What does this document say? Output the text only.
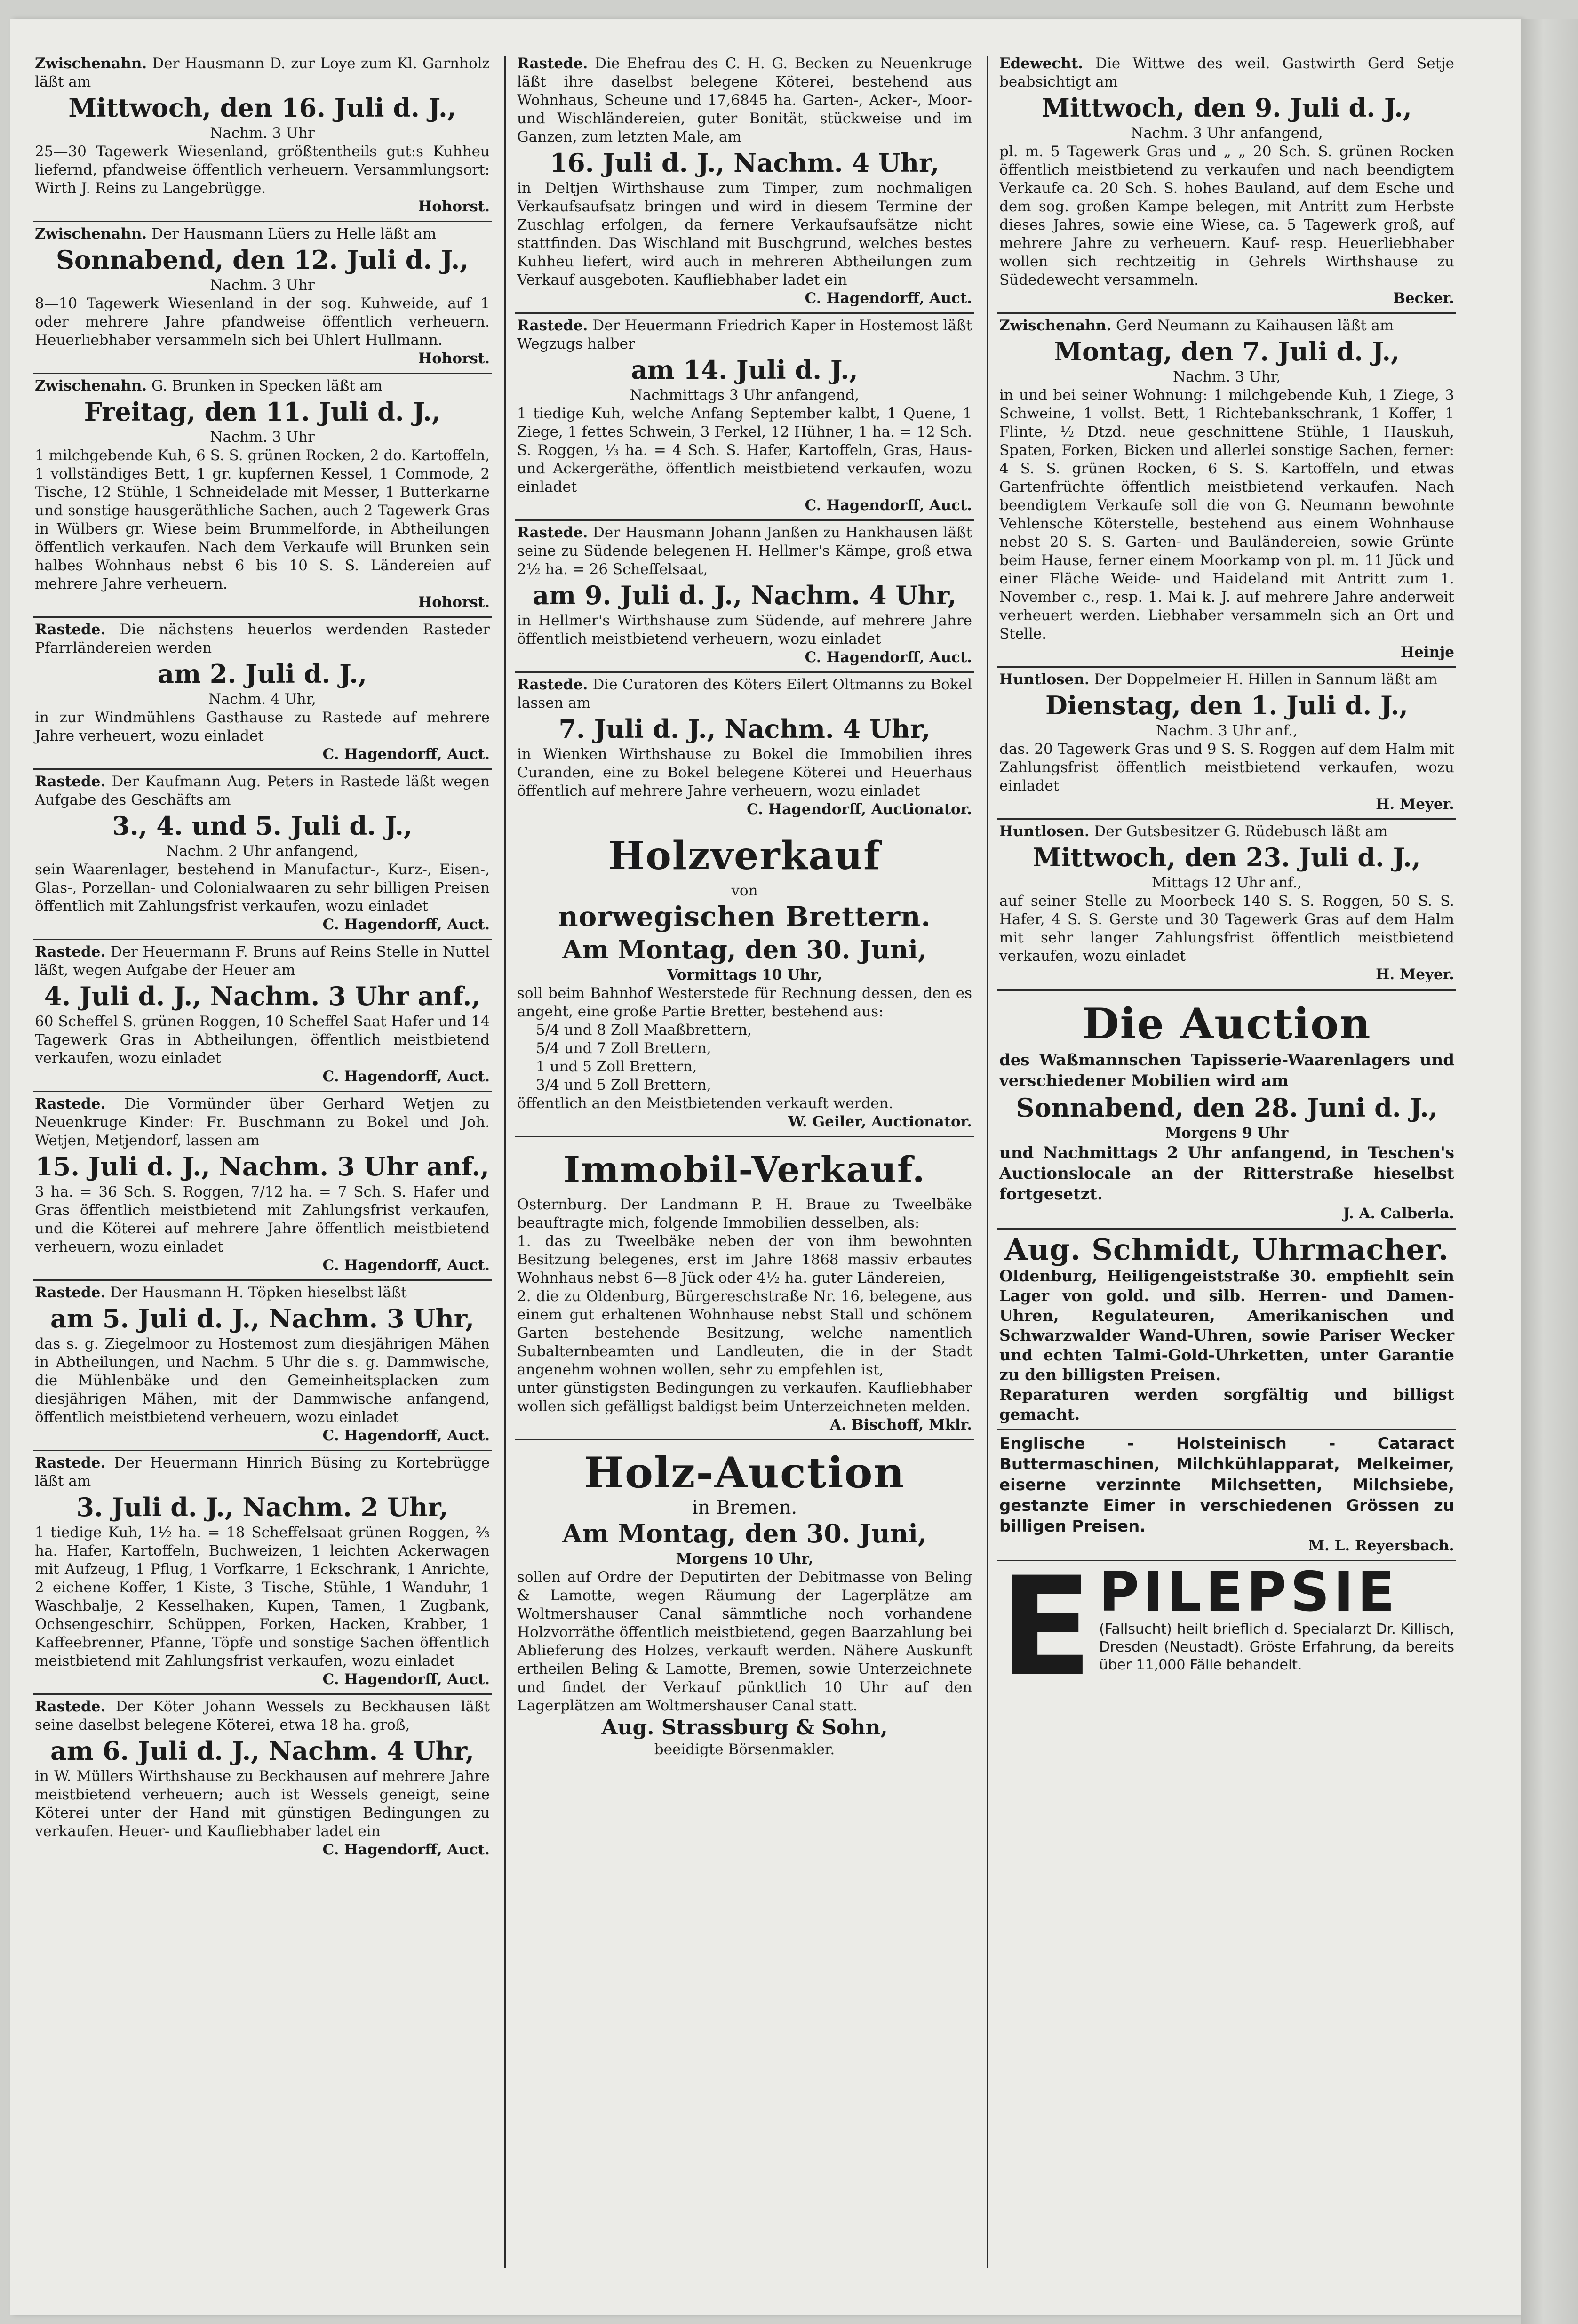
Zwischenahn. Der Hausmann D. zur Loye zum Kl. Garnholz läßt am

Mittwoch, den 16. Juli d. J.,

Nachm. 3 Uhr

25—30 Tagewerk Wiesenland, größtentheils gut:s Kuhheu liefernd, pfandweise öffentlich verheuern. Versammlungsort: Wirth J. Reins zu Langebrügge.

Hohorst.

Zwischenahn. Der Hausmann Lüers zu Helle läßt am

Sonnabend, den 12. Juli d. J.,

Nachm. 3 Uhr

8—10 Tagewerk Wiesenland in der sog. Kuhweide, auf 1 oder mehrere Jahre pfandweise öffentlich verheuern. Heuerliebhaber versammeln sich bei Uhlert Hullmann.

Hohorst.

Zwischenahn. G. Brunken in Specken läßt am

Freitag, den 11. Juli d. J.,

Nachm. 3 Uhr

1 milchgebende Kuh, 6 S. S. grünen Rocken, 2 do. Kartoffeln, 1 vollständiges Bett, 1 gr. kupfernen Kessel, 1 Commode, 2 Tische, 12 Stühle, 1 Schneidelade mit Messer, 1 Butterkarne und sonstige hausgeräthliche Sachen, auch 2 Tagewerk Gras in Wülbers gr. Wiese beim Brummelforde, in Abtheilungen öffentlich verkaufen. Nach dem Verkaufe will Brunken sein halbes Wohnhaus nebst 6 bis 10 S. S. Ländereien auf mehrere Jahre verheuern.

Hohorst.

Rastede. Die nächstens heuerlos werdenden Rasteder Pfarrländereien werden

am 2. Juli d. J.,

Nachm. 4 Uhr,

in zur Windmühlens Gasthause zu Rastede auf mehrere Jahre verheuert, wozu einladet

C. Hagendorff, Auct.

Rastede. Der Kaufmann Aug. Peters in Rastede läßt wegen Aufgabe des Geschäfts am

3., 4. und 5. Juli d. J.,

Nachm. 2 Uhr anfangend,

sein Waarenlager, bestehend in Manufactur-, Kurz-, Eisen-, Glas-, Porzellan- und Colonialwaaren zu sehr billigen Preisen öffentlich mit Zahlungsfrist verkaufen, wozu einladet

C. Hagendorff, Auct.

Rastede. Der Heuermann F. Bruns auf Reins Stelle in Nuttel läßt, wegen Aufgabe der Heuer am

4. Juli d. J., Nachm. 3 Uhr anf.,

60 Scheffel S. grünen Roggen, 10 Scheffel Saat Hafer und 14 Tagewerk Gras in Abtheilungen, öffentlich meistbietend verkaufen, wozu einladet

C. Hagendorff, Auct.

Rastede. Die Vormünder über Gerhard Wetjen zu Neuenkruge Kinder: Fr. Buschmann zu Bokel und Joh. Wetjen, Metjendorf, lassen am

15. Juli d. J., Nachm. 3 Uhr anf.,

3 ha. = 36 Sch. S. Roggen, 7/12 ha. = 7 Sch. S. Hafer und Gras öffentlich meistbietend mit Zahlungsfrist verkaufen, und die Köterei auf mehrere Jahre öffentlich meistbietend verheuern, wozu einladet

C. Hagendorff, Auct.

Rastede. Der Hausmann H. Töpken hieselbst läßt

am 5. Juli d. J., Nachm. 3 Uhr,

das s. g. Ziegelmoor zu Hostemost zum diesjährigen Mähen in Abtheilungen, und Nachm. 5 Uhr die s. g. Dammwische, die Mühlenbäke und den Gemeinheitsplacken zum diesjährigen Mähen, mit der Dammwische anfangend, öffentlich meistbietend verheuern, wozu einladet

C. Hagendorff, Auct.

Rastede. Der Heuermann Hinrich Büsing zu Kortebrügge läßt am

3. Juli d. J., Nachm. 2 Uhr,

1 tiedige Kuh, 1½ ha. = 18 Scheffelsaat grünen Roggen, ⅔ ha. Hafer, Kartoffeln, Buchweizen, 1 leichten Ackerwagen mit Aufzeug, 1 Pflug, 1 Vorfkarre, 1 Eckschrank, 1 Anrichte, 2 eichene Koffer, 1 Kiste, 3 Tische, Stühle, 1 Wanduhr, 1 Waschbalje, 2 Kesselhaken, Kupen, Tamen, 1 Zugbank, Ochsengeschirr, Schüppen, Forken, Hacken, Krabber, 1 Kaffeebrenner, Pfanne, Töpfe und sonstige Sachen öffentlich meistbietend mit Zahlungsfrist verkaufen, wozu einladet

C. Hagendorff, Auct.

Rastede. Der Köter Johann Wessels zu Beckhausen läßt seine daselbst belegene Köterei, etwa 18 ha. groß,

am 6. Juli d. J., Nachm. 4 Uhr,

in W. Müllers Wirthshause zu Beckhausen auf mehrere Jahre meistbietend verheuern; auch ist Wessels geneigt, seine Köterei unter der Hand mit günstigen Bedingungen zu verkaufen. Heuer- und Kaufliebhaber ladet ein

C. Hagendorff, Auct.

Rastede. Die Ehefrau des C. H. G. Becken zu Neuenkruge läßt ihre daselbst belegene Köterei, bestehend aus Wohnhaus, Scheune und 17,6845 ha. Garten-, Acker-, Moor- und Wischländereien, guter Bonität, stückweise und im Ganzen, zum letzten Male, am

16. Juli d. J., Nachm. 4 Uhr,

in Deltjen Wirthshause zum Timper, zum nochmaligen Verkaufsaufsatz bringen und wird in diesem Termine der Zuschlag erfolgen, da fernere Verkaufsaufsätze nicht stattfinden. Das Wischland mit Buschgrund, welches bestes Kuhheu liefert, wird auch in mehreren Abtheilungen zum Verkauf ausgeboten. Kaufliebhaber ladet ein

C. Hagendorff, Auct.

Rastede. Der Heuermann Friedrich Kaper in Hostemost läßt Wegzugs halber

am 14. Juli d. J.,

Nachmittags 3 Uhr anfangend,

1 tiedige Kuh, welche Anfang September kalbt, 1 Quene, 1 Ziege, 1 fettes Schwein, 3 Ferkel, 12 Hühner, 1 ha. = 12 Sch. S. Roggen, ⅓ ha. = 4 Sch. S. Hafer, Kartoffeln, Gras, Haus- und Ackergeräthe, öffentlich meistbietend verkaufen, wozu einladet

C. Hagendorff, Auct.

Rastede. Der Hausmann Johann Janßen zu Hankhausen läßt seine zu Südende belegenen H. Hellmer's Kämpe, groß etwa 2½ ha. = 26 Scheffelsaat,

am 9. Juli d. J., Nachm. 4 Uhr,

in Hellmer's Wirthshause zum Südende, auf mehrere Jahre öffentlich meistbietend verheuern, wozu einladet

C. Hagendorff, Auct.

Rastede. Die Curatoren des Köters Eilert Oltmanns zu Bokel lassen am

7. Juli d. J., Nachm. 4 Uhr,

in Wienken Wirthshause zu Bokel die Immobilien ihres Curanden, eine zu Bokel belegene Köterei und Heuerhaus öffentlich auf mehrere Jahre verheuern, wozu einladet

C. Hagendorff, Auctionator.

Holzverkauf

von

norwegischen Brettern.
Am Montag, den 30. Juni,

Vormittags 10 Uhr,

soll beim Bahnhof Westerstede für Rechnung dessen, den es angeht, eine große Partie Bretter, bestehend aus:

5/4 und 8 Zoll Maaßbrettern,

5/4 und 7 Zoll Brettern,

1 und 5 Zoll Brettern,

3/4 und 5 Zoll Brettern,

öffentlich an den Meistbietenden verkauft werden.

W. Geiler, Auctionator.

Immobil-Verkauf.

Osternburg. Der Landmann P. H. Braue zu Tweelbäke beauftragte mich, folgende Immobilien desselben, als:

1. das zu Tweelbäke neben der von ihm bewohnten Besitzung belegenes, erst im Jahre 1868 massiv erbautes Wohnhaus nebst 6—8 Jück oder 4½ ha. guter Ländereien,

2. die zu Oldenburg, Bürgereschstraße Nr. 16, belegene, aus einem gut erhaltenen Wohnhause nebst Stall und schönem Garten bestehende Besitzung, welche namentlich Subalternbeamten und Landleuten, die in der Stadt angenehm wohnen wollen, sehr zu empfehlen ist,

unter günstigsten Bedingungen zu verkaufen. Kaufliebhaber wollen sich gefälligst baldigst beim Unterzeichneten melden.

A. Bischoff, Mklr.

Holz-Auction

in Bremen.

Am Montag, den 30. Juni,

Morgens 10 Uhr,

sollen auf Ordre der Deputirten der Debitmasse von Beling & Lamotte, wegen Räumung der Lagerplätze am Woltmershauser Canal sämmtliche noch vorhandene Holzvorräthe öffentlich meistbietend, gegen Baarzahlung bei Ablieferung des Holzes, verkauft werden. Nähere Auskunft ertheilen Beling & Lamotte, Bremen, sowie Unterzeichnete und findet der Verkauf pünktlich 10 Uhr auf den Lagerplätzen am Woltmershauser Canal statt.

Aug. Strassburg & Sohn,

beeidigte Börsenmakler.

Edewecht. Die Wittwe des weil. Gastwirth Gerd Setje beabsichtigt am

Mittwoch, den 9. Juli d. J.,

Nachm. 3 Uhr anfangend,

pl. m. 5 Tagewerk Gras und „ „ 20 Sch. S. grünen Rocken öffentlich meistbietend zu verkaufen und nach beendigtem Verkaufe ca. 20 Sch. S. hohes Bauland, auf dem Esche und dem sog. großen Kampe belegen, mit Antritt zum Herbste dieses Jahres, sowie eine Wiese, ca. 5 Tagewerk groß, auf mehrere Jahre zu verheuern. Kauf- resp. Heuerliebhaber wollen sich rechtzeitig in Gehrels Wirthshause zu Südedewecht versammeln.

Becker.

Zwischenahn. Gerd Neumann zu Kaihausen läßt am

Montag, den 7. Juli d. J.,

Nachm. 3 Uhr,

in und bei seiner Wohnung: 1 milchgebende Kuh, 1 Ziege, 3 Schweine, 1 vollst. Bett, 1 Richtebankschrank, 1 Koffer, 1 Flinte, ½ Dtzd. neue geschnittene Stühle, 1 Hauskuh, Spaten, Forken, Bicken und allerlei sonstige Sachen, ferner: 4 S. S. grünen Rocken, 6 S. S. Kartoffeln, und etwas Gartenfrüchte öffentlich meistbietend verkaufen. Nach beendigtem Verkaufe soll die von G. Neumann bewohnte Vehlensche Köterstelle, bestehend aus einem Wohnhause nebst 20 S. S. Garten- und Bauländereien, sowie Grünte beim Hause, ferner einem Moorkamp von pl. m. 11 Jück und einer Fläche Weide- und Haideland mit Antritt zum 1. November c., resp. 1. Mai k. J. auf mehrere Jahre anderweit verheuert werden. Liebhaber versammeln sich an Ort und Stelle.

Heinje

Huntlosen. Der Doppelmeier H. Hillen in Sannum läßt am

Dienstag, den 1. Juli d. J.,

Nachm. 3 Uhr anf.,

das. 20 Tagewerk Gras und 9 S. S. Roggen auf dem Halm mit Zahlungsfrist öffentlich meistbietend verkaufen, wozu einladet

H. Meyer.

Huntlosen. Der Gutsbesitzer G. Rüdebusch läßt am

Mittwoch, den 23. Juli d. J.,

Mittags 12 Uhr anf.,

auf seiner Stelle zu Moorbeck 140 S. S. Roggen, 50 S. S. Hafer, 4 S. S. Gerste und 30 Tagewerk Gras auf dem Halm mit sehr langer Zahlungsfrist öffentlich meistbietend verkaufen, wozu einladet

H. Meyer.

Die Auction

des Waßmannschen Tapisserie-Waarenlagers und verschiedener Mobilien wird am

Sonnabend, den 28. Juni d. J.,

Morgens 9 Uhr

und Nachmittags 2 Uhr anfangend, in Teschen's Auctionslocale an der Ritterstraße hieselbst fortgesetzt.

J. A. Calberla.

Aug. Schmidt, Uhrmacher.

Oldenburg, Heiligengeiststraße 30. empfiehlt sein Lager von gold. und silb. Herren- und Damen-Uhren, Regulateuren, Amerikanischen und Schwarzwalder Wand-Uhren, sowie Pariser Wecker und echten Talmi-Gold-Uhrketten, unter Garantie zu den billigsten Preisen.

Reparaturen werden sorgfältig und billigst gemacht.

Englische - Holsteinisch - Cataract Buttermaschinen, Milchkühlapparat, Melkeimer, eiserne verzinnte Milchsetten, Milchsiebe, gestanzte Eimer in verschiedenen Grössen zu billigen Preisen.

M. L. Reyersbach.

E PILEPSIE

(Fallsucht) heilt brieflich d. Specialarzt Dr. Killisch, Dresden (Neustadt). Gröste Erfahrung, da bereits über 11,000 Fälle behandelt.
